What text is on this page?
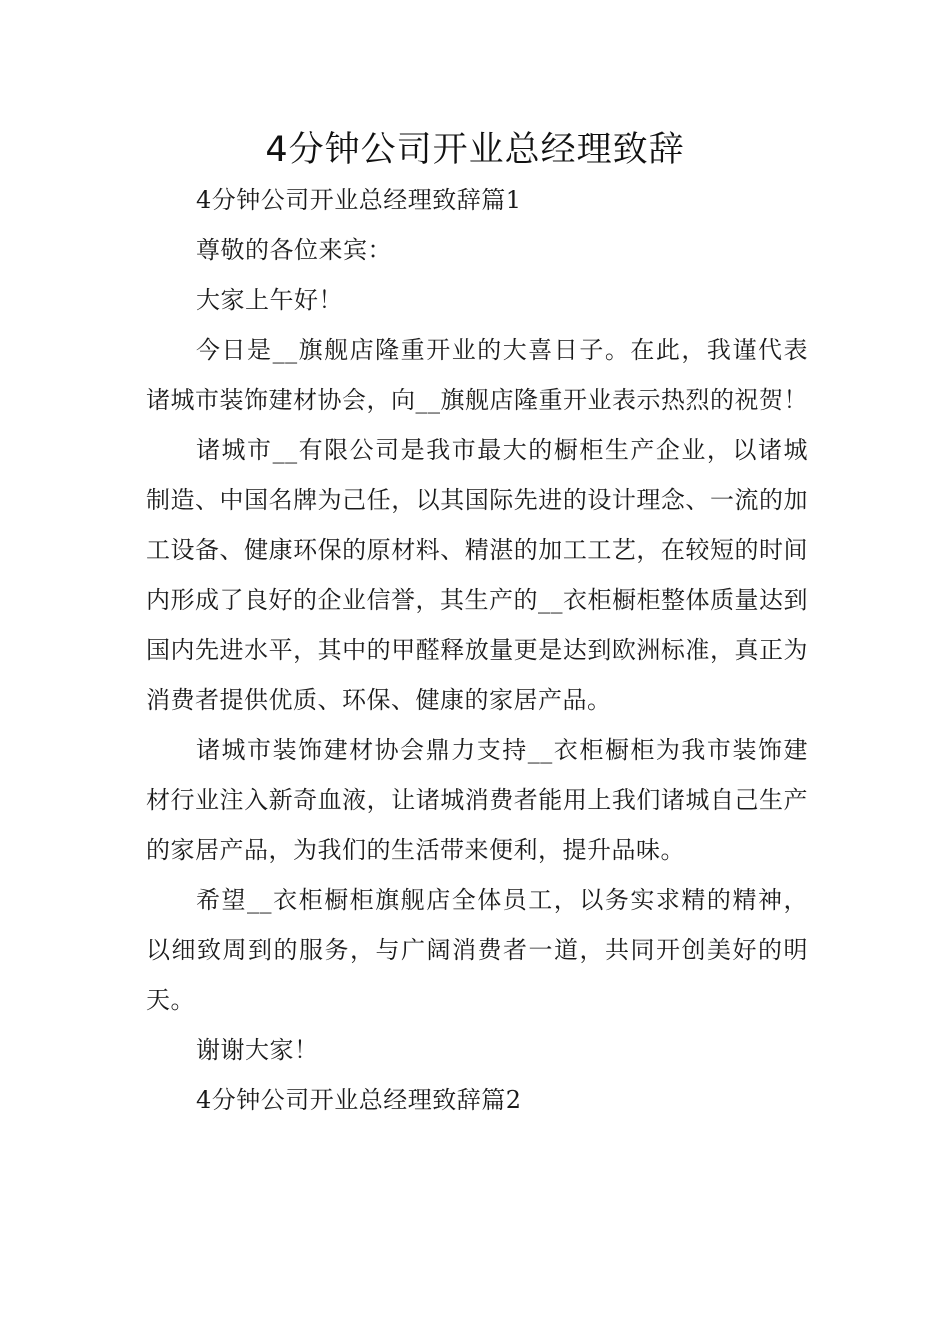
4分钟公司开业总经理致辞

4分钟公司开业总经理致辞篇1

尊敬的各位来宾：

大家上午好！

今日是__旗舰店隆重开业的大喜日子。在此，我谨代表诸城市装饰建材协会，向__旗舰店隆重开业表示热烈的祝贺！

诸城市__有限公司是我市最大的橱柜生产企业，以诸城制造、中国名牌为己任，以其国际先进的设计理念、一流的加工设备、健康环保的原材料、精湛的加工工艺，在较短的时间内形成了良好的企业信誉，其生产的__衣柜橱柜整体质量达到国内先进水平，其中的甲醛释放量更是达到欧洲标准，真正为消费者提供优质、环保、健康的家居产品。

诸城市装饰建材协会鼎力支持__衣柜橱柜为我市装饰建材行业注入新奇血液，让诸城消费者能用上我们诸城自己生产的家居产品，为我们的生活带来便利，提升品味。

希望__衣柜橱柜旗舰店全体员工，以务实求精的精神，以细致周到的服务，与广阔消费者一道，共同开创美好的明天。

谢谢大家！

4分钟公司开业总经理致辞篇2
